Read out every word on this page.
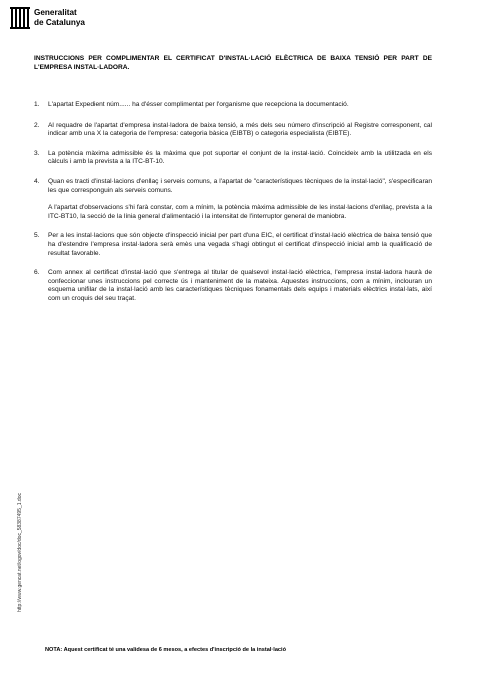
Generalitat
de Catalunya
INSTRUCCIONS PER COMPLIMENTAR EL CERTIFICAT D'INSTAL·LACIÓ ELÈCTRICA DE BAIXA TENSIÓ PER PART DE L'EMPRESA INSTAL·LADORA.
1. L'apartat Expedient núm...... ha d'ésser complimentat per l'organisme que recepciona la documentació.

2. Al requadre de l'apartat d'empresa instal·ladora de baixa tensió, a més dels seu número d'inscripció al Registre corresponent, cal indicar amb una X la categoria de l'empresa: categoria bàsica (EIBTB) o categoria especialista (EIBTE).

3. La potència màxima admissible és la màxima que pot suportar el conjunt de la instal·lació. Coincideix amb la utilitzada en els càlculs i amb la prevista a la ITC-BT-10.

4. Quan es tracti d'instal·lacions d'enllaç i serveis comuns, a l'apartat de "característiques tècniques de la instal·lació", s'especificaran les que corresponguin als serveis comuns.

A l'apartat d'observacions s'hi farà constar, com a mínim, la potència màxima admissible de les instal·lacions d'enllaç, prevista a la ITC-BT10, la secció de la línia general d'alimentació i la intensitat de l'interruptor general de maniobra.

5. Per a les instal·lacions que són objecte d'inspecció inicial per part d'una EIC, el certificat d'instal·lació elèctrica de baixa tensió que ha d'estendre l'empresa instal·ladora serà emès una vegada s'hagi obtingut el certificat d'inspecció inicial amb la qualificació de resultat favorable.

6. Com annex al certificat d'instal·lació que s'entrega al titular de qualsevol instal·lació elèctrica, l'empresa instal·ladora haurà de confeccionar unes instruccions pel correcte ús i manteniment de la mateixa. Aquestes instruccions, com a mínim, inclouran un esquema unifilar de la instal·lació amb les característiques tècniques fonamentals dels equips i materials elèctrics instal·lats, així com un croquis del seu traçat.

http://www.gencat.net/ogov/doc/doc_58387495_1.doc
NOTA: Aquest certificat té una validesa de 6 mesos, a efectes d'inscripció de la instal·lació
